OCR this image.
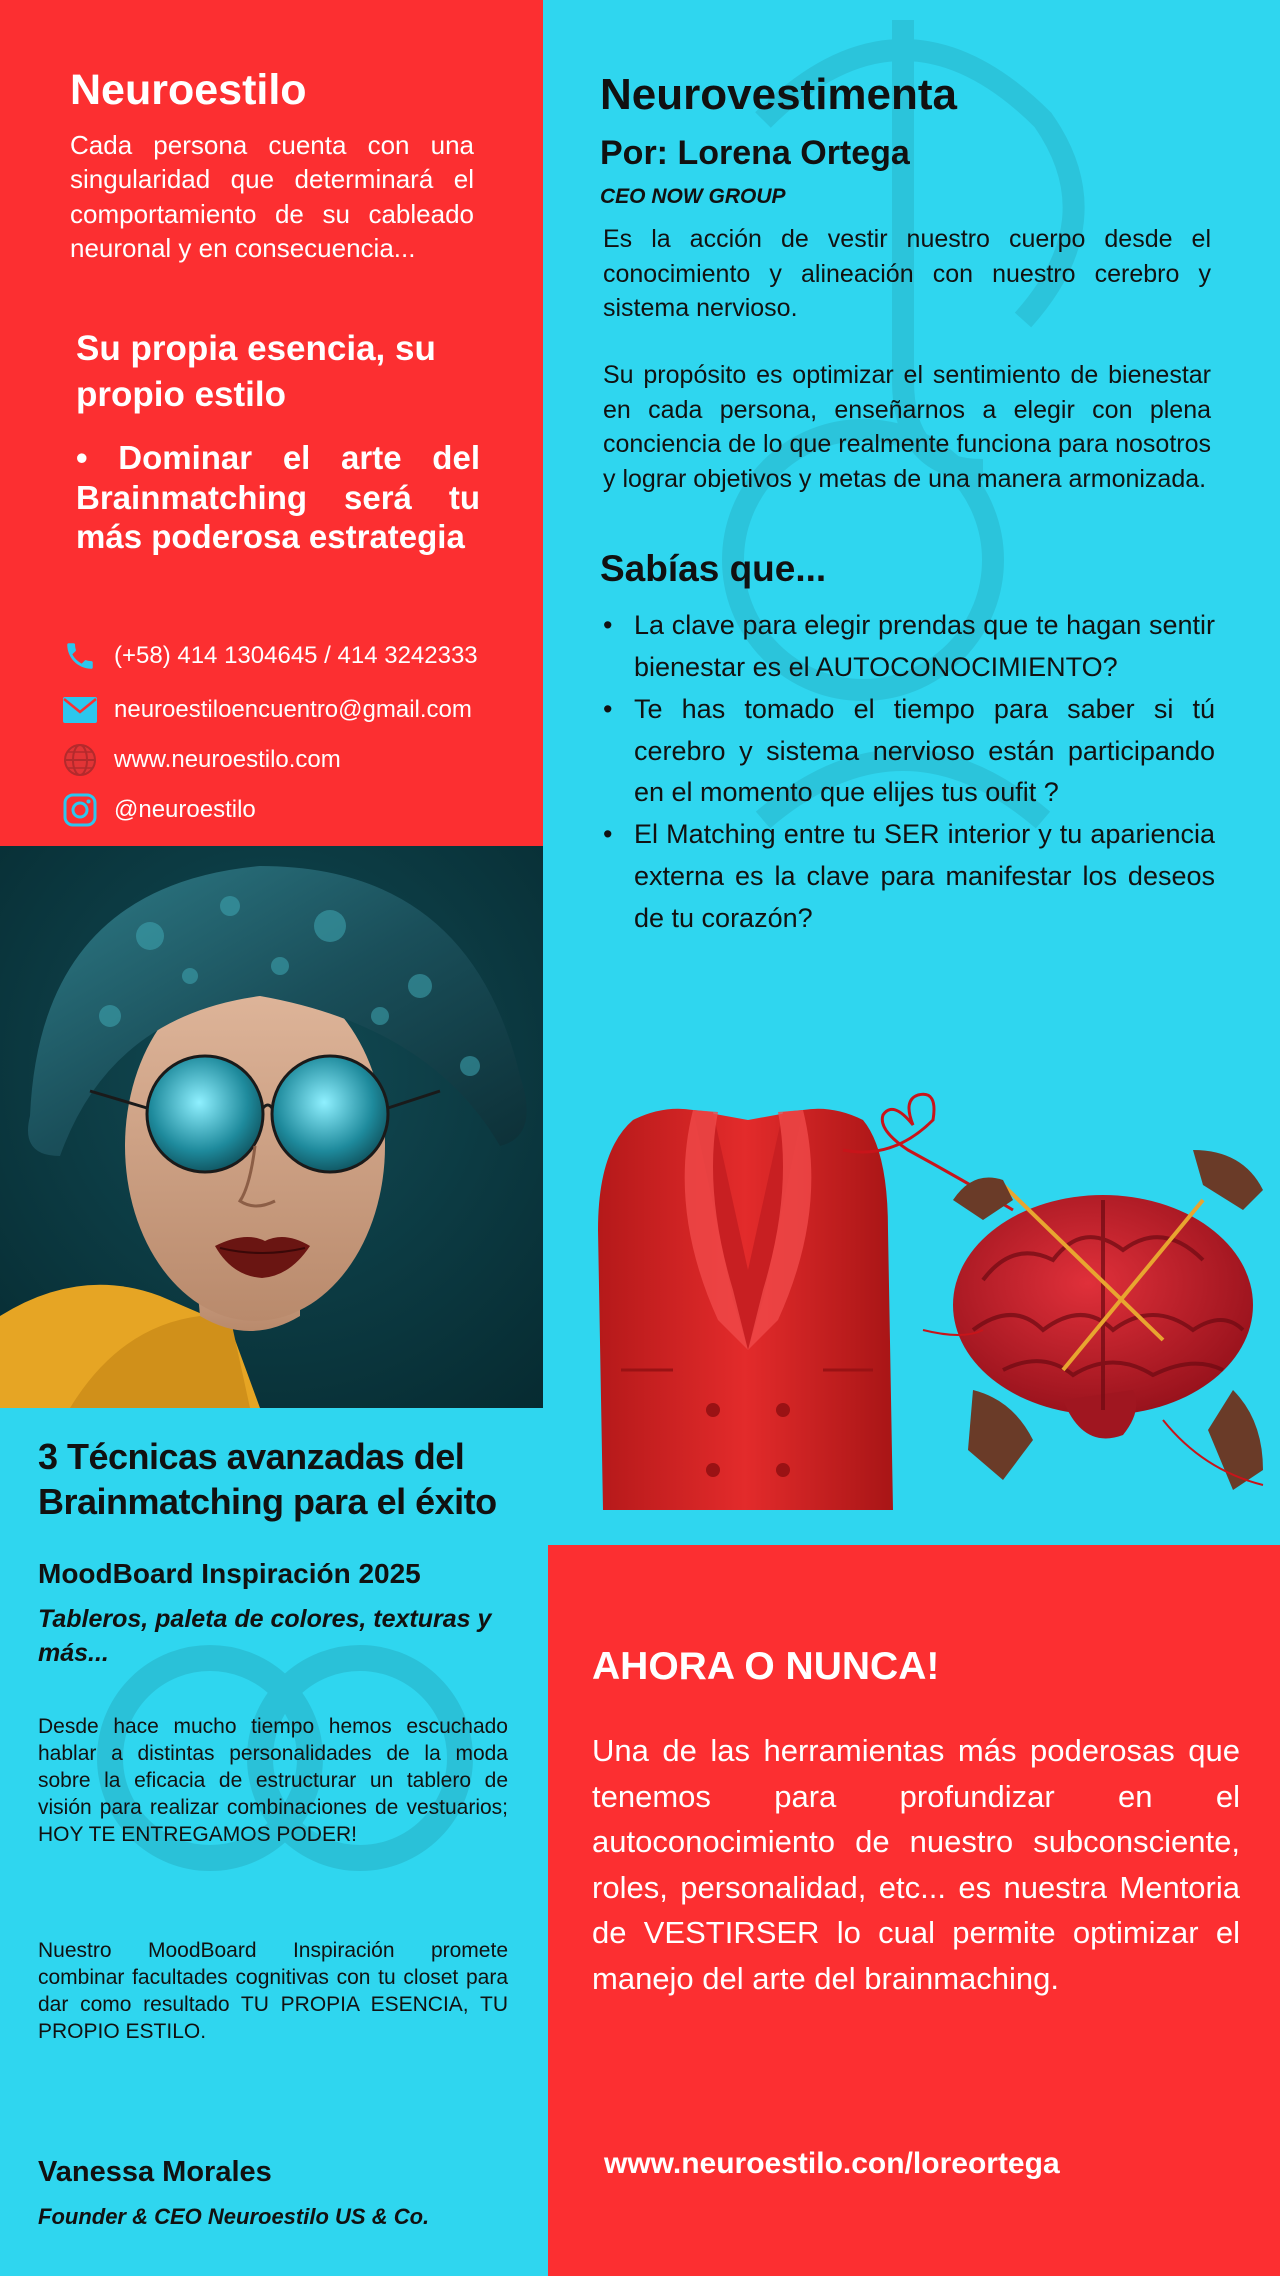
Neuroestilo

Cada persona cuenta con una singularidad que determinará el comportamiento de su cableado neuronal y en consecuencia...

Su propia esencia, su propio estilo

• Dominar el arte del Brainmatching será tu más poderosa estrategia

(+58) 414 1304645 / 414 3242333
neuroestiloencuentro@gmail.com
www.neuroestilo.com
@neuroestilo
3 Técnicas avanzadas del Brainmatching para el éxito
MoodBoard Inspiración 2025

Tableros, paleta de colores, texturas y más...

Desde hace mucho tiempo hemos escuchado hablar a distintas personalidades de la moda sobre la eficacia de estructurar un tablero de visión para realizar combinaciones de vestuarios; HOY TE ENTREGAMOS PODER!

Nuestro MoodBoard Inspiración promete combinar facultades cognitivas con tu closet para dar como resultado TU PROPIA ESENCIA, TU PROPIO ESTILO.

Vanessa Morales

Founder & CEO Neuroestilo US & Co.

Neurovestimenta
Por: Lorena Ortega

CEO NOW GROUP

Es la acción de vestir nuestro cuerpo desde el conocimiento y alineación con nuestro cerebro y sistema nervioso.

Su propósito es optimizar el sentimiento de bienestar en cada persona, enseñarnos a elegir con plena conciencia de lo que realmente funciona para nosotros y lograr objetivos y metas de una manera armonizada.

Sabías que...
• La clave para elegir prendas que te hagan sentir bienestar es el AUTOCONOCIMIENTO?
• Te has tomado el tiempo para saber si tú cerebro y sistema nervioso están participando en el momento que elijes tus oufit ?
• El Matching entre tu SER interior y tu apariencia externa es la clave para manifestar los deseos de tu corazón?
AHORA O NUNCA!

Una de las herramientas más poderosas que tenemos para profundizar en el autoconocimiento de nuestro subconsciente, roles, personalidad, etc... es nuestra Mentoria de VESTIRSER lo cual permite optimizar el manejo del arte del brainmaching.

www.neuroestilo.con/loreortega
